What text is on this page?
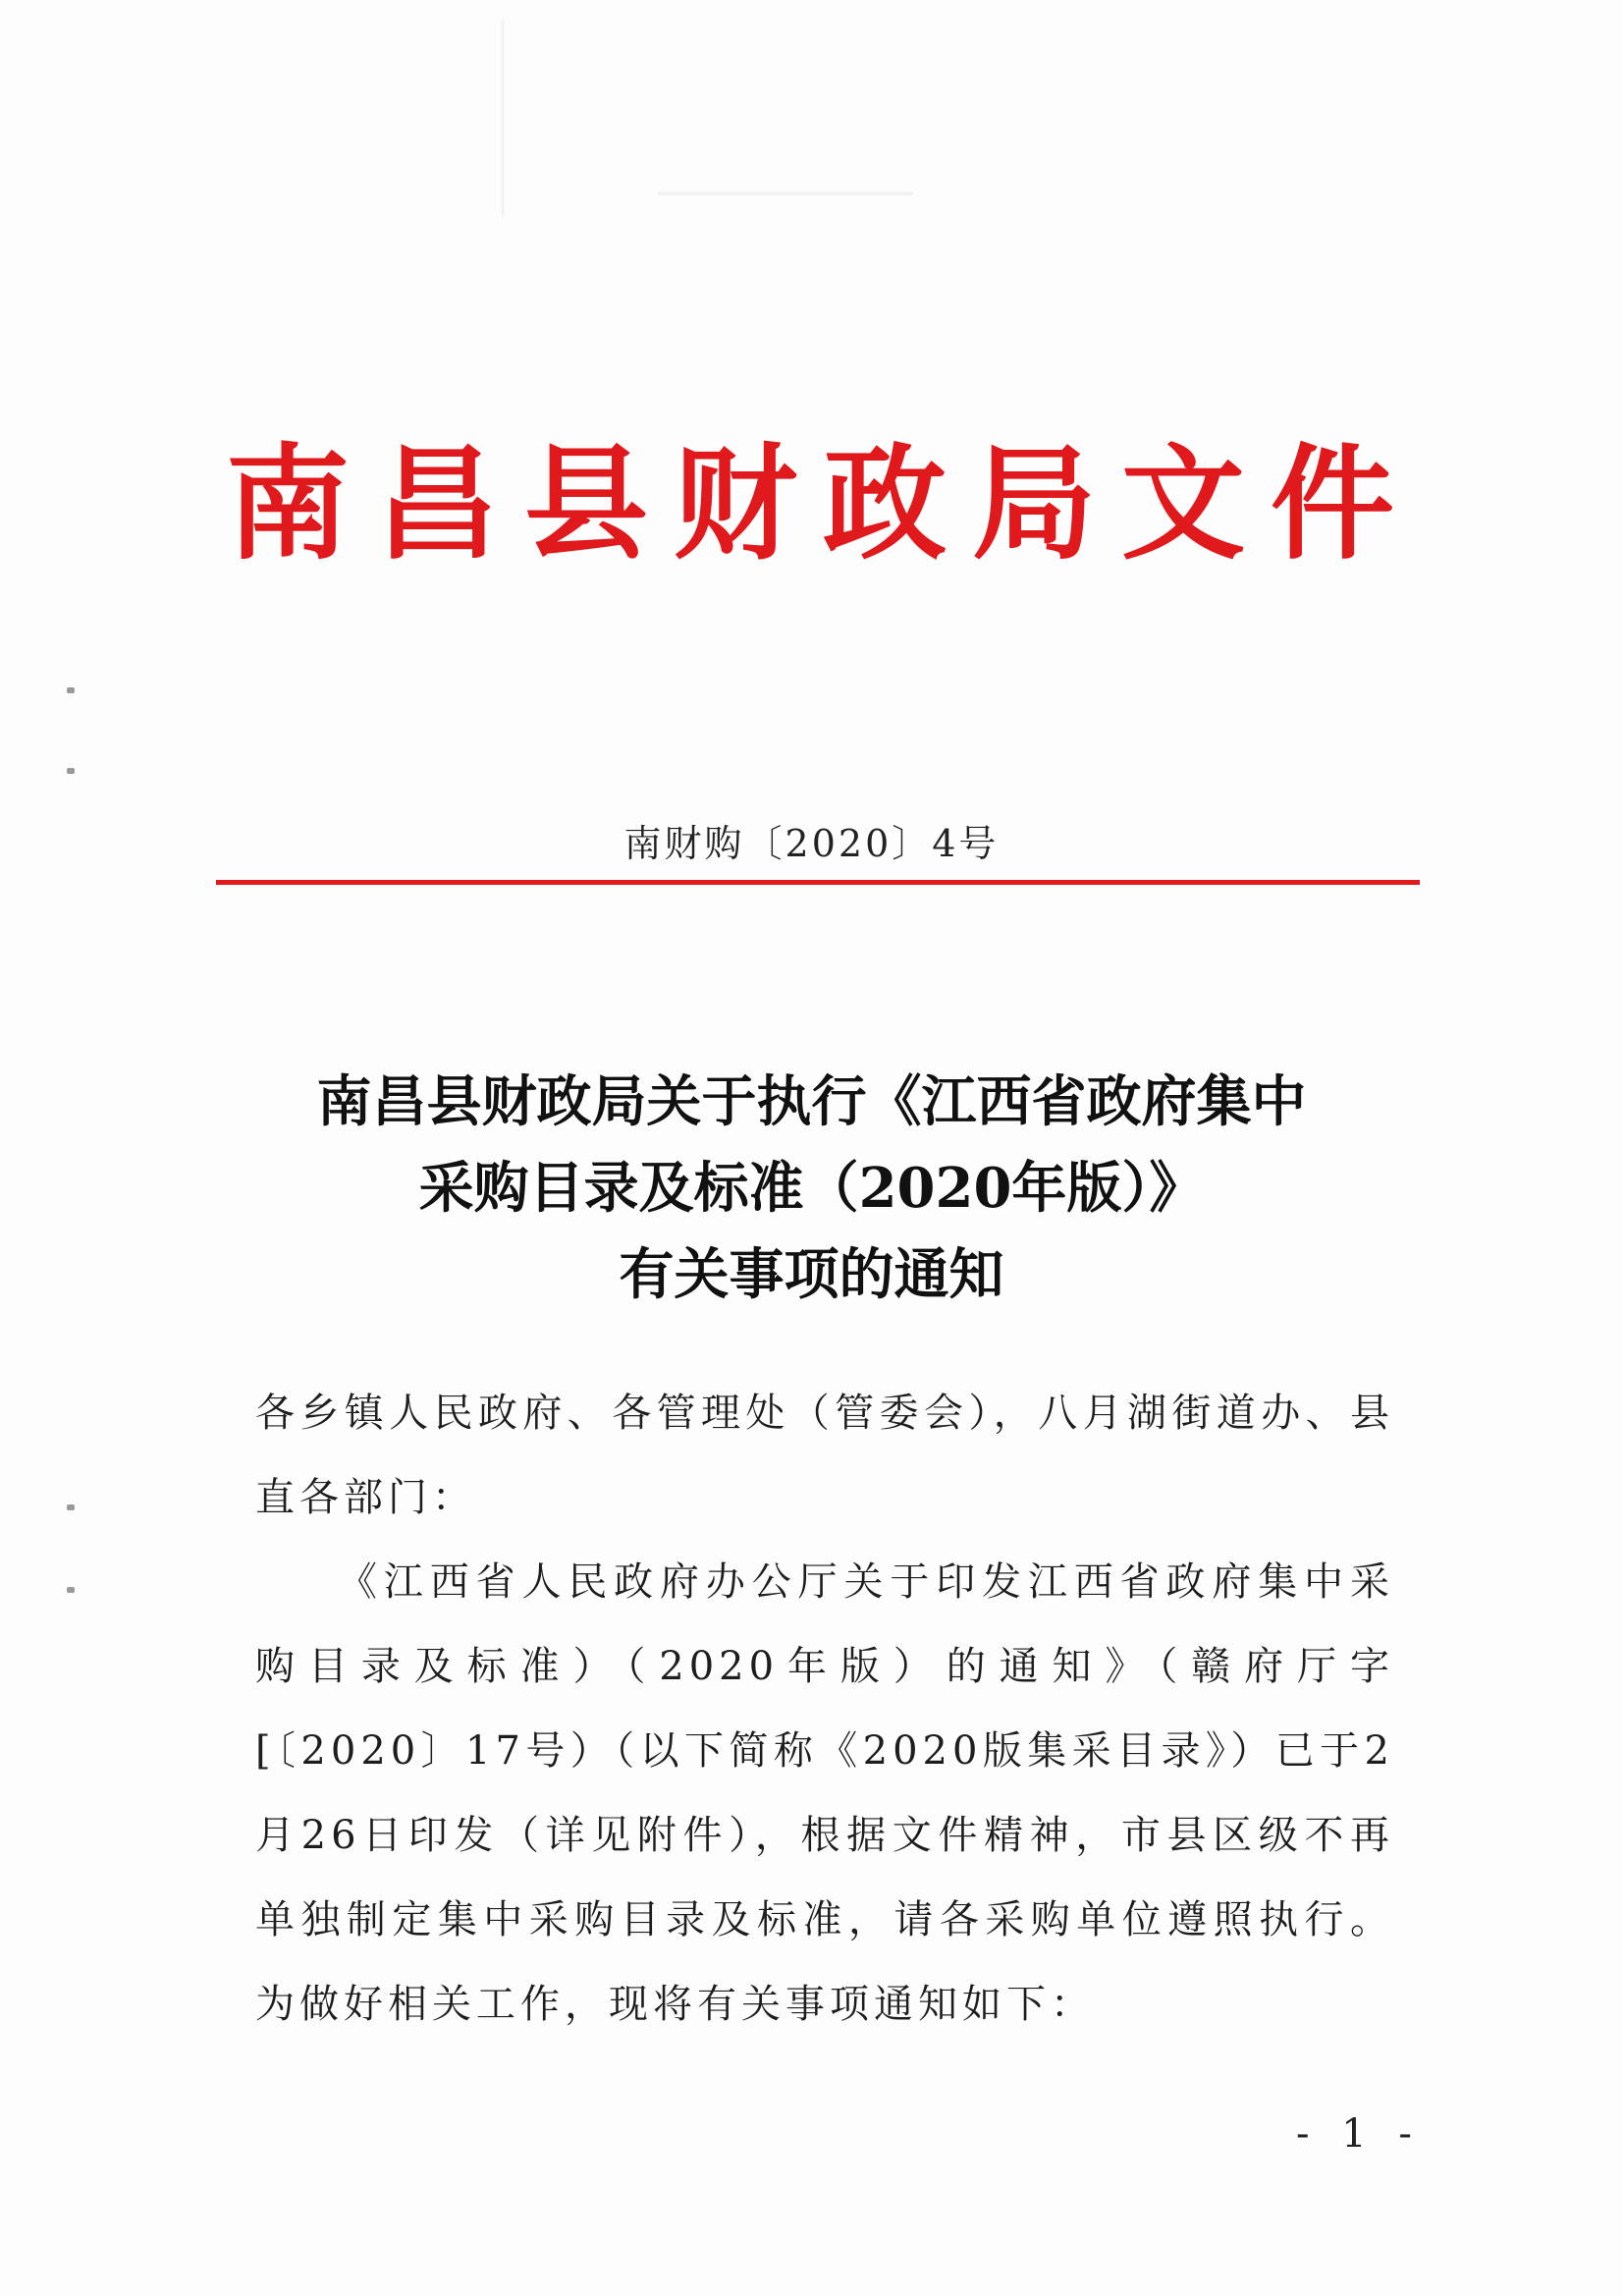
南昌县财政局文件
南财购〔2020〕4号
南昌县财政局关于执行《江西省政府集中
采购目录及标准（2020年版）》
有关事项的通知

各乡镇人民政府、各管理处（管委会），八月湖街道办、县直各部门：

《江西省人民政府办公厅关于印发江西省政府集中采购目录及标准）（2020年版）的通知》（赣府厅字[〔2020〕17号）（以下简称《2020版集采目录》）已于2月26日印发（详见附件），根据文件精神，市县区级不再单独制定集中采购目录及标准，请各采购单位遵照执行。为做好相关工作，现将有关事项通知如下：

- 1 -
